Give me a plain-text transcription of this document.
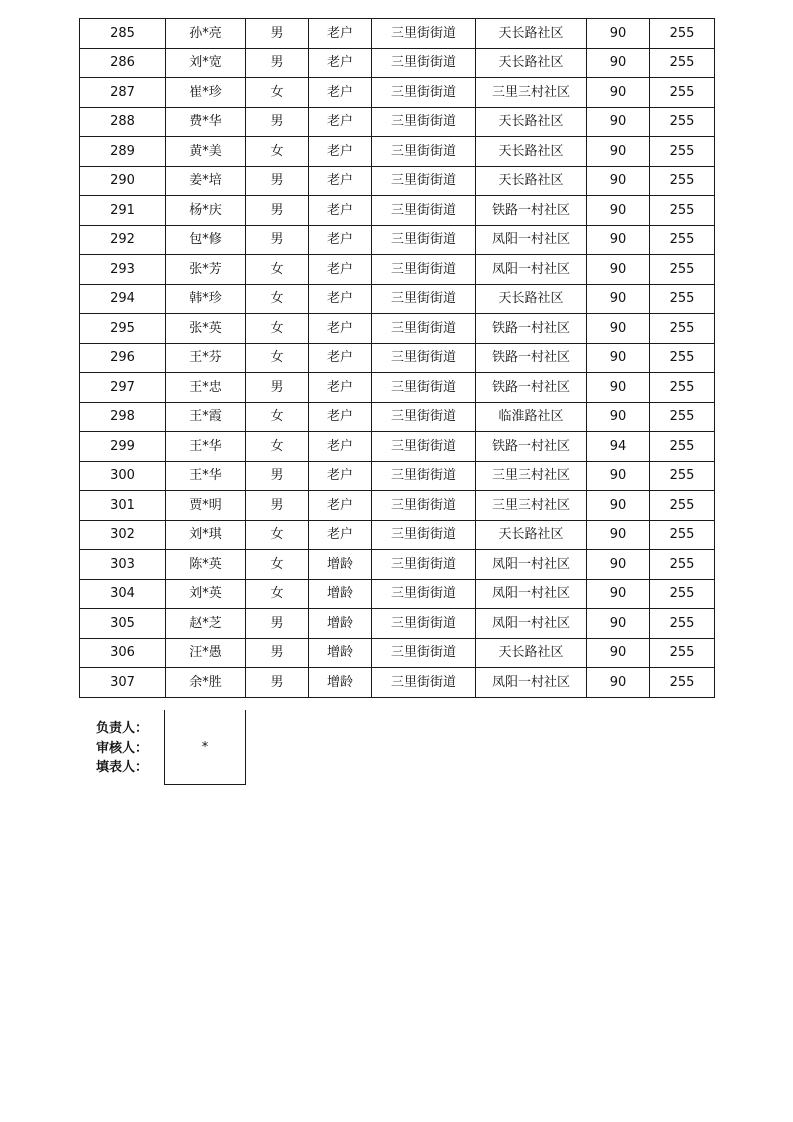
285	孙*亮	男	老户	三里街街道	天长路社区	90	255
286	刘*宽	男	老户	三里街街道	天长路社区	90	255
287	崔*珍	女	老户	三里街街道	三里三村社区	90	255
288	费*华	男	老户	三里街街道	天长路社区	90	255
289	黄*美	女	老户	三里街街道	天长路社区	90	255
290	姜*培	男	老户	三里街街道	天长路社区	90	255
291	杨*庆	男	老户	三里街街道	铁路一村社区	90	255
292	包*修	男	老户	三里街街道	凤阳一村社区	90	255
293	张*芳	女	老户	三里街街道	凤阳一村社区	90	255
294	韩*珍	女	老户	三里街街道	天长路社区	90	255
295	张*英	女	老户	三里街街道	铁路一村社区	90	255
296	王*芬	女	老户	三里街街道	铁路一村社区	90	255
297	王*忠	男	老户	三里街街道	铁路一村社区	90	255
298	王*霞	女	老户	三里街街道	临淮路社区	90	255
299	王*华	女	老户	三里街街道	铁路一村社区	94	255
300	王*华	男	老户	三里街街道	三里三村社区	90	255
301	贾*明	男	老户	三里街街道	三里三村社区	90	255
302	刘*琪	女	老户	三里街街道	天长路社区	90	255
303	陈*英	女	增龄	三里街街道	凤阳一村社区	90	255
304	刘*英	女	增龄	三里街街道	凤阳一村社区	90	255
305	赵*芝	男	增龄	三里街街道	凤阳一村社区	90	255
306	汪*愚	男	增龄	三里街街道	天长路社区	90	255
307	余*胜	男	增龄	三里街街道	凤阳一村社区	90	255
负责人：
审核人：
填表人：
*
